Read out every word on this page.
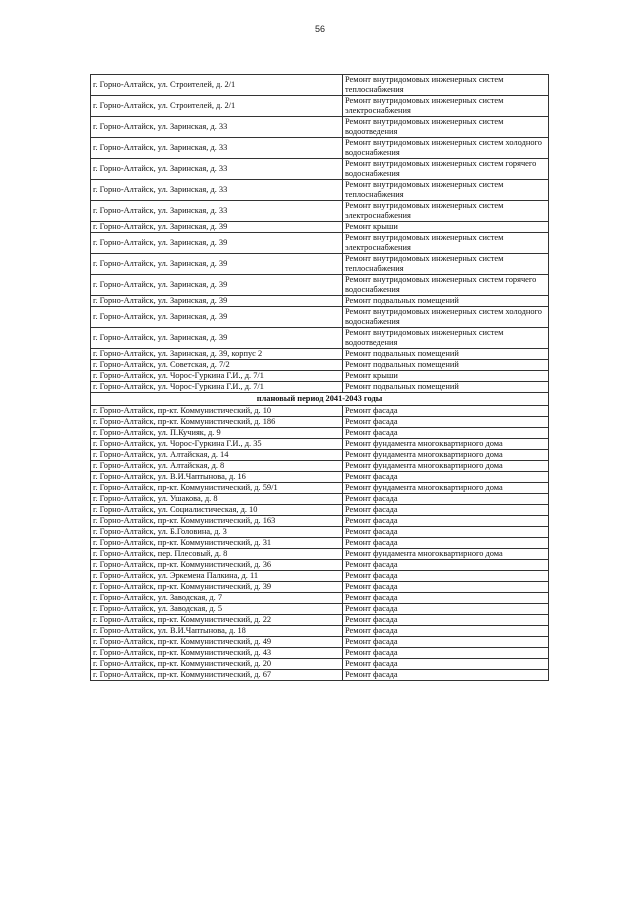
56
г. Горно-Алтайск, ул. Строителей, д. 2/1	Ремонт внутридомовых инженерных систем теплоснабжения
г. Горно-Алтайск, ул. Строителей, д. 2/1	Ремонт внутридомовых инженерных систем электроснабжения
г. Горно-Алтайск, ул. Заринская, д. 33	Ремонт внутридомовых инженерных систем водоотведения
г. Горно-Алтайск, ул. Заринская, д. 33	Ремонт внутридомовых инженерных систем холодного водоснабжения
г. Горно-Алтайск, ул. Заринская, д. 33	Ремонт внутридомовых инженерных систем горячего водоснабжения
г. Горно-Алтайск, ул. Заринская, д. 33	Ремонт внутридомовых инженерных систем теплоснабжения
г. Горно-Алтайск, ул. Заринская, д. 33	Ремонт внутридомовых инженерных систем электроснабжения
г. Горно-Алтайск, ул. Заринская, д. 39	Ремонт крыши
г. Горно-Алтайск, ул. Заринская, д. 39	Ремонт внутридомовых инженерных систем электроснабжения
г. Горно-Алтайск, ул. Заринская, д. 39	Ремонт внутридомовых инженерных систем теплоснабжения
г. Горно-Алтайск, ул. Заринская, д. 39	Ремонт внутридомовых инженерных систем горячего водоснабжения
г. Горно-Алтайск, ул. Заринская, д. 39	Ремонт подвальных помещений
г. Горно-Алтайск, ул. Заринская, д. 39	Ремонт внутридомовых инженерных систем холодного водоснабжения
г. Горно-Алтайск, ул. Заринская, д. 39	Ремонт внутридомовых инженерных систем водоотведения
г. Горно-Алтайск, ул. Заринская, д. 39, корпус 2	Ремонт подвальных помещений
г. Горно-Алтайск, ул. Советская, д. 7/2	Ремонт подвальных помещений
г. Горно-Алтайск, ул. Чорос-Гуркина Г.И., д. 7/1	Ремонт крыши
г. Горно-Алтайск, ул. Чорос-Гуркина Г.И., д. 7/1	Ремонт подвальных помещений
плановый период 2041-2043 годы	
г. Горно-Алтайск, пр-кт. Коммунистический, д. 10	Ремонт фасада
г. Горно-Алтайск, пр-кт. Коммунистический, д. 186	Ремонт фасада
г. Горно-Алтайск, ул. П.Кучияк, д. 9	Ремонт фасада
г. Горно-Алтайск, ул. Чорос-Гуркина Г.И., д. 35	Ремонт фундамента многоквартирного дома
г. Горно-Алтайск, ул. Алтайская, д. 14	Ремонт фундамента многоквартирного дома
г. Горно-Алтайск, ул. Алтайская, д. 8	Ремонт фундамента многоквартирного дома
г. Горно-Алтайск, ул. В.И.Чаптынова, д. 16	Ремонт фасада
г. Горно-Алтайск, пр-кт. Коммунистический, д. 59/1	Ремонт фундамента многоквартирного дома
г. Горно-Алтайск, ул. Ушакова, д. 8	Ремонт фасада
г. Горно-Алтайск, ул. Социалистическая, д. 10	Ремонт фасада
г. Горно-Алтайск, пр-кт. Коммунистический, д. 163	Ремонт фасада
г. Горно-Алтайск, ул. Б.Головина, д. 3	Ремонт фасада
г. Горно-Алтайск, пр-кт. Коммунистический, д. 31	Ремонт фасада
г. Горно-Алтайск, пер. Плесовый, д. 8	Ремонт фундамента многоквартирного дома
г. Горно-Алтайск, пр-кт. Коммунистический, д. 36	Ремонт фасада
г. Горно-Алтайск, ул. Эркемена Палкина, д. 11	Ремонт фасада
г. Горно-Алтайск, пр-кт. Коммунистический, д. 39	Ремонт фасада
г. Горно-Алтайск, ул. Заводская, д. 7	Ремонт фасада
г. Горно-Алтайск, ул. Заводская, д. 5	Ремонт фасада
г. Горно-Алтайск, пр-кт. Коммунистический, д. 22	Ремонт фасада
г. Горно-Алтайск, ул. В.И.Чаптынова, д. 18	Ремонт фасада
г. Горно-Алтайск, пр-кт. Коммунистический, д. 49	Ремонт фасада
г. Горно-Алтайск, пр-кт. Коммунистический, д. 43	Ремонт фасада
г. Горно-Алтайск, пр-кт. Коммунистический, д. 20	Ремонт фасада
г. Горно-Алтайск, пр-кт. Коммунистический, д. 67	Ремонт фасада
